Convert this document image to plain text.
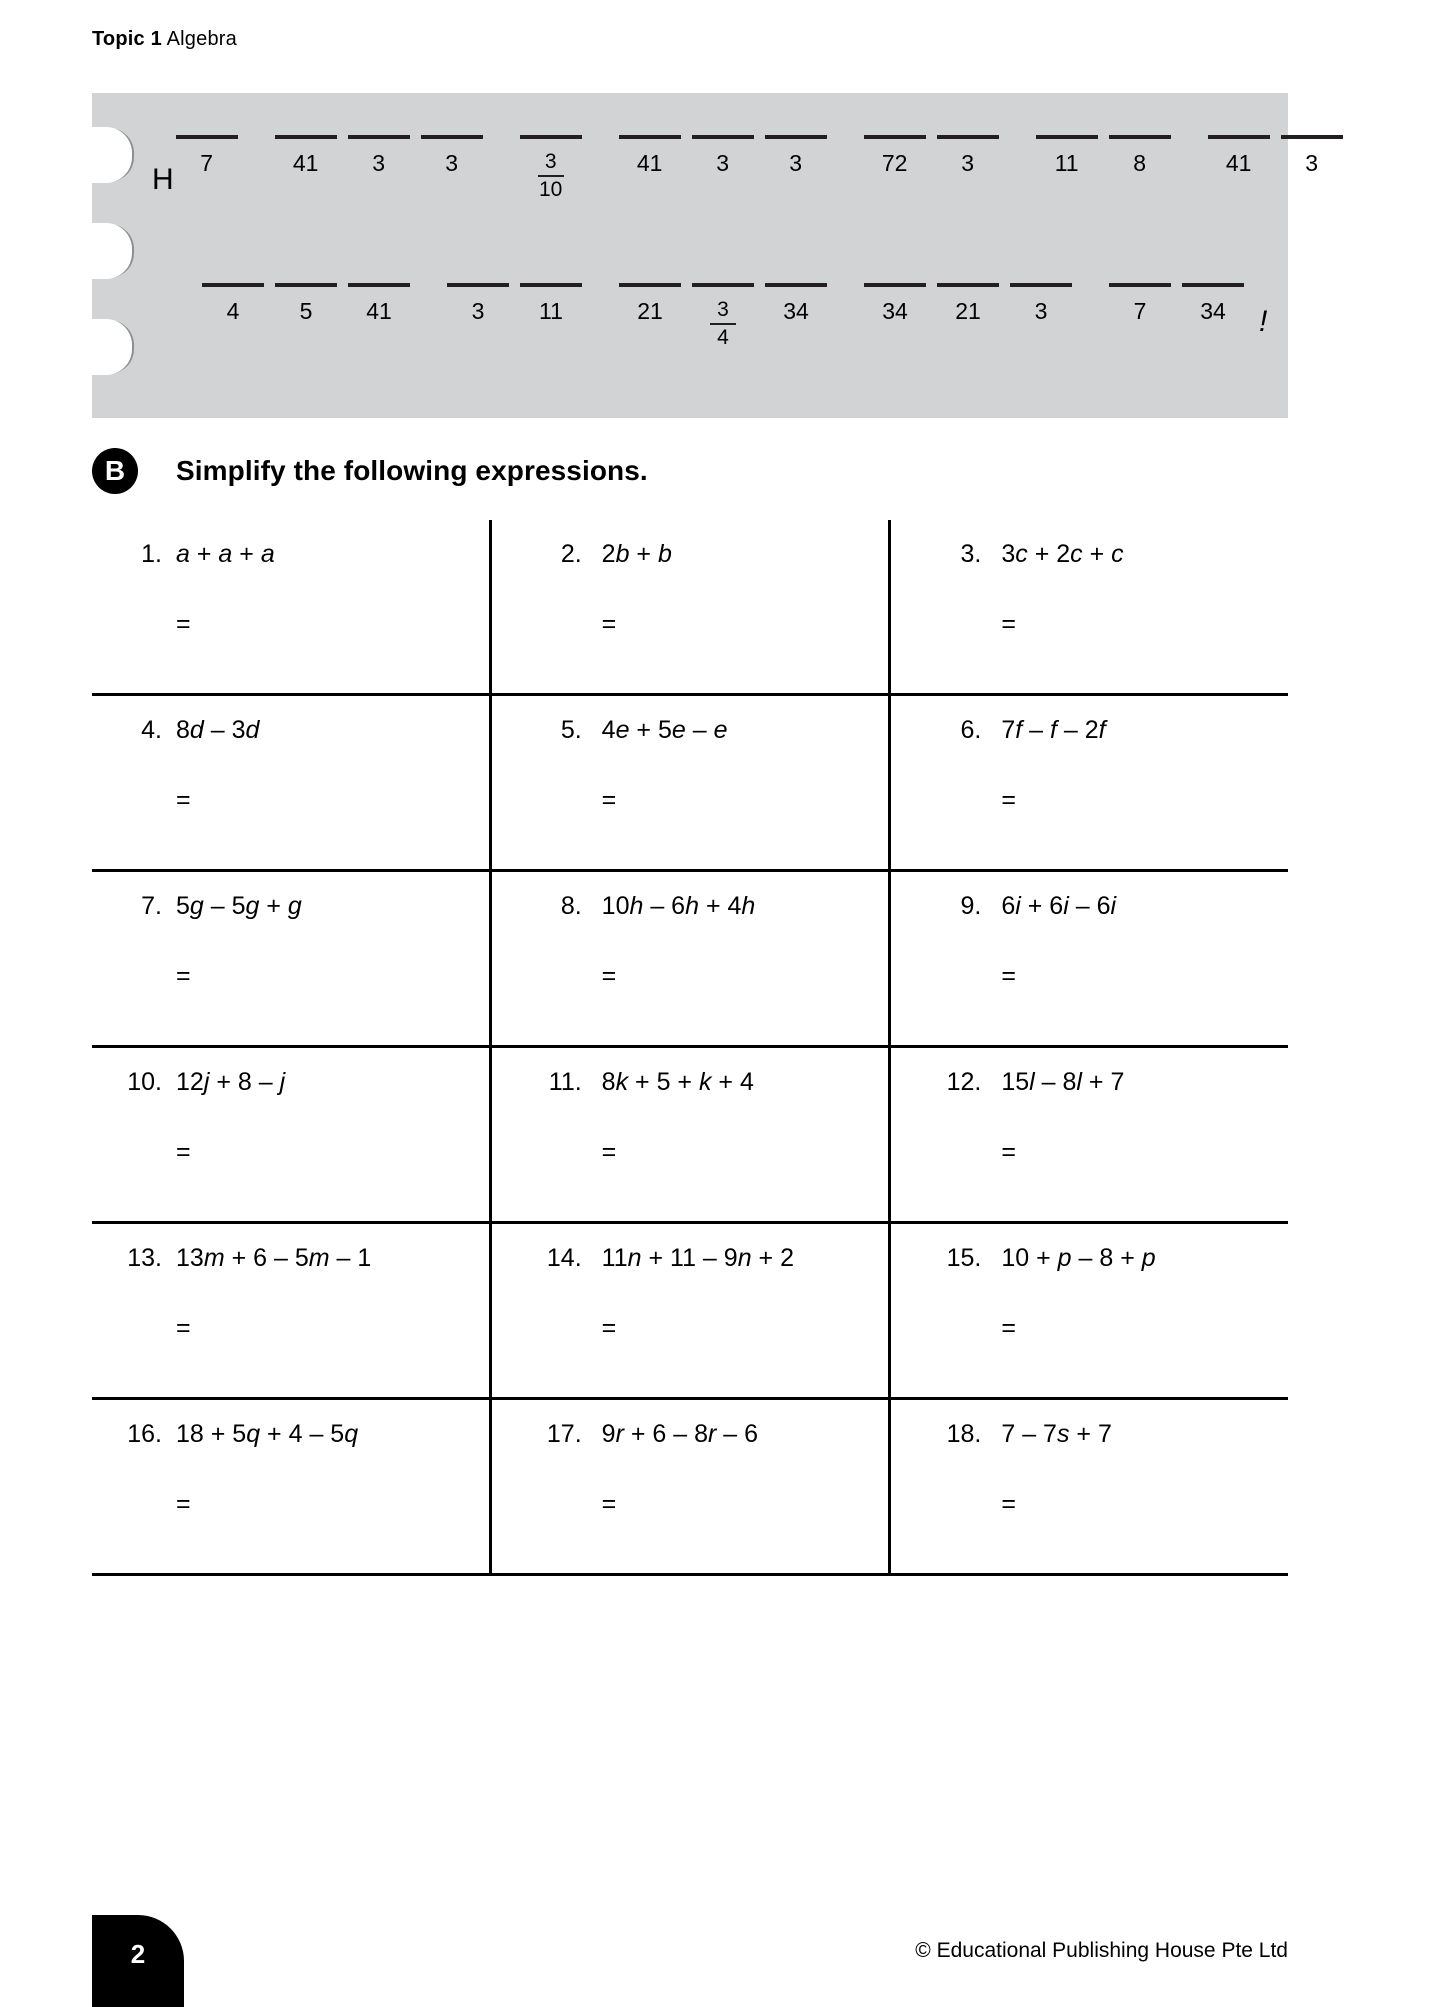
Topic 1 Algebra
H 7	41 3	3	$\frac{3}{10}$	41 3	3	72 3	11 8	41 3
4	5 41	3 11	$21 \frac{3}{4} 34$	34 21 3	7 34 !
B	Simplify the following expressions.
1. a + a + a
=
2. 2b + b
=
3. 3c + 2c + c
=
4. 8d – 3d
=
5. 4e + 5e – e
=
6. 7f – f – 2f
=
7. 5g – 5g + g
=
8. 10h – 6h + 4h
=
9. 6i + 6i – 6i
=
10. 12j + 8 – j
=
11. 8k + 5 + k + 4
=
12. 15l – 8l + 7
=
13. 13m + 6 – 5m – 1
=
14. 11n + 11 – 9n + 2
=
15. 10 + p – 8 + p
=
16. 18 + 5q + 4 – 5q
=
17. 9r + 6 – 8r – 6
=
18. 7 – 7s + 7
=
2	© Educational Publishing House Pte Ltd
